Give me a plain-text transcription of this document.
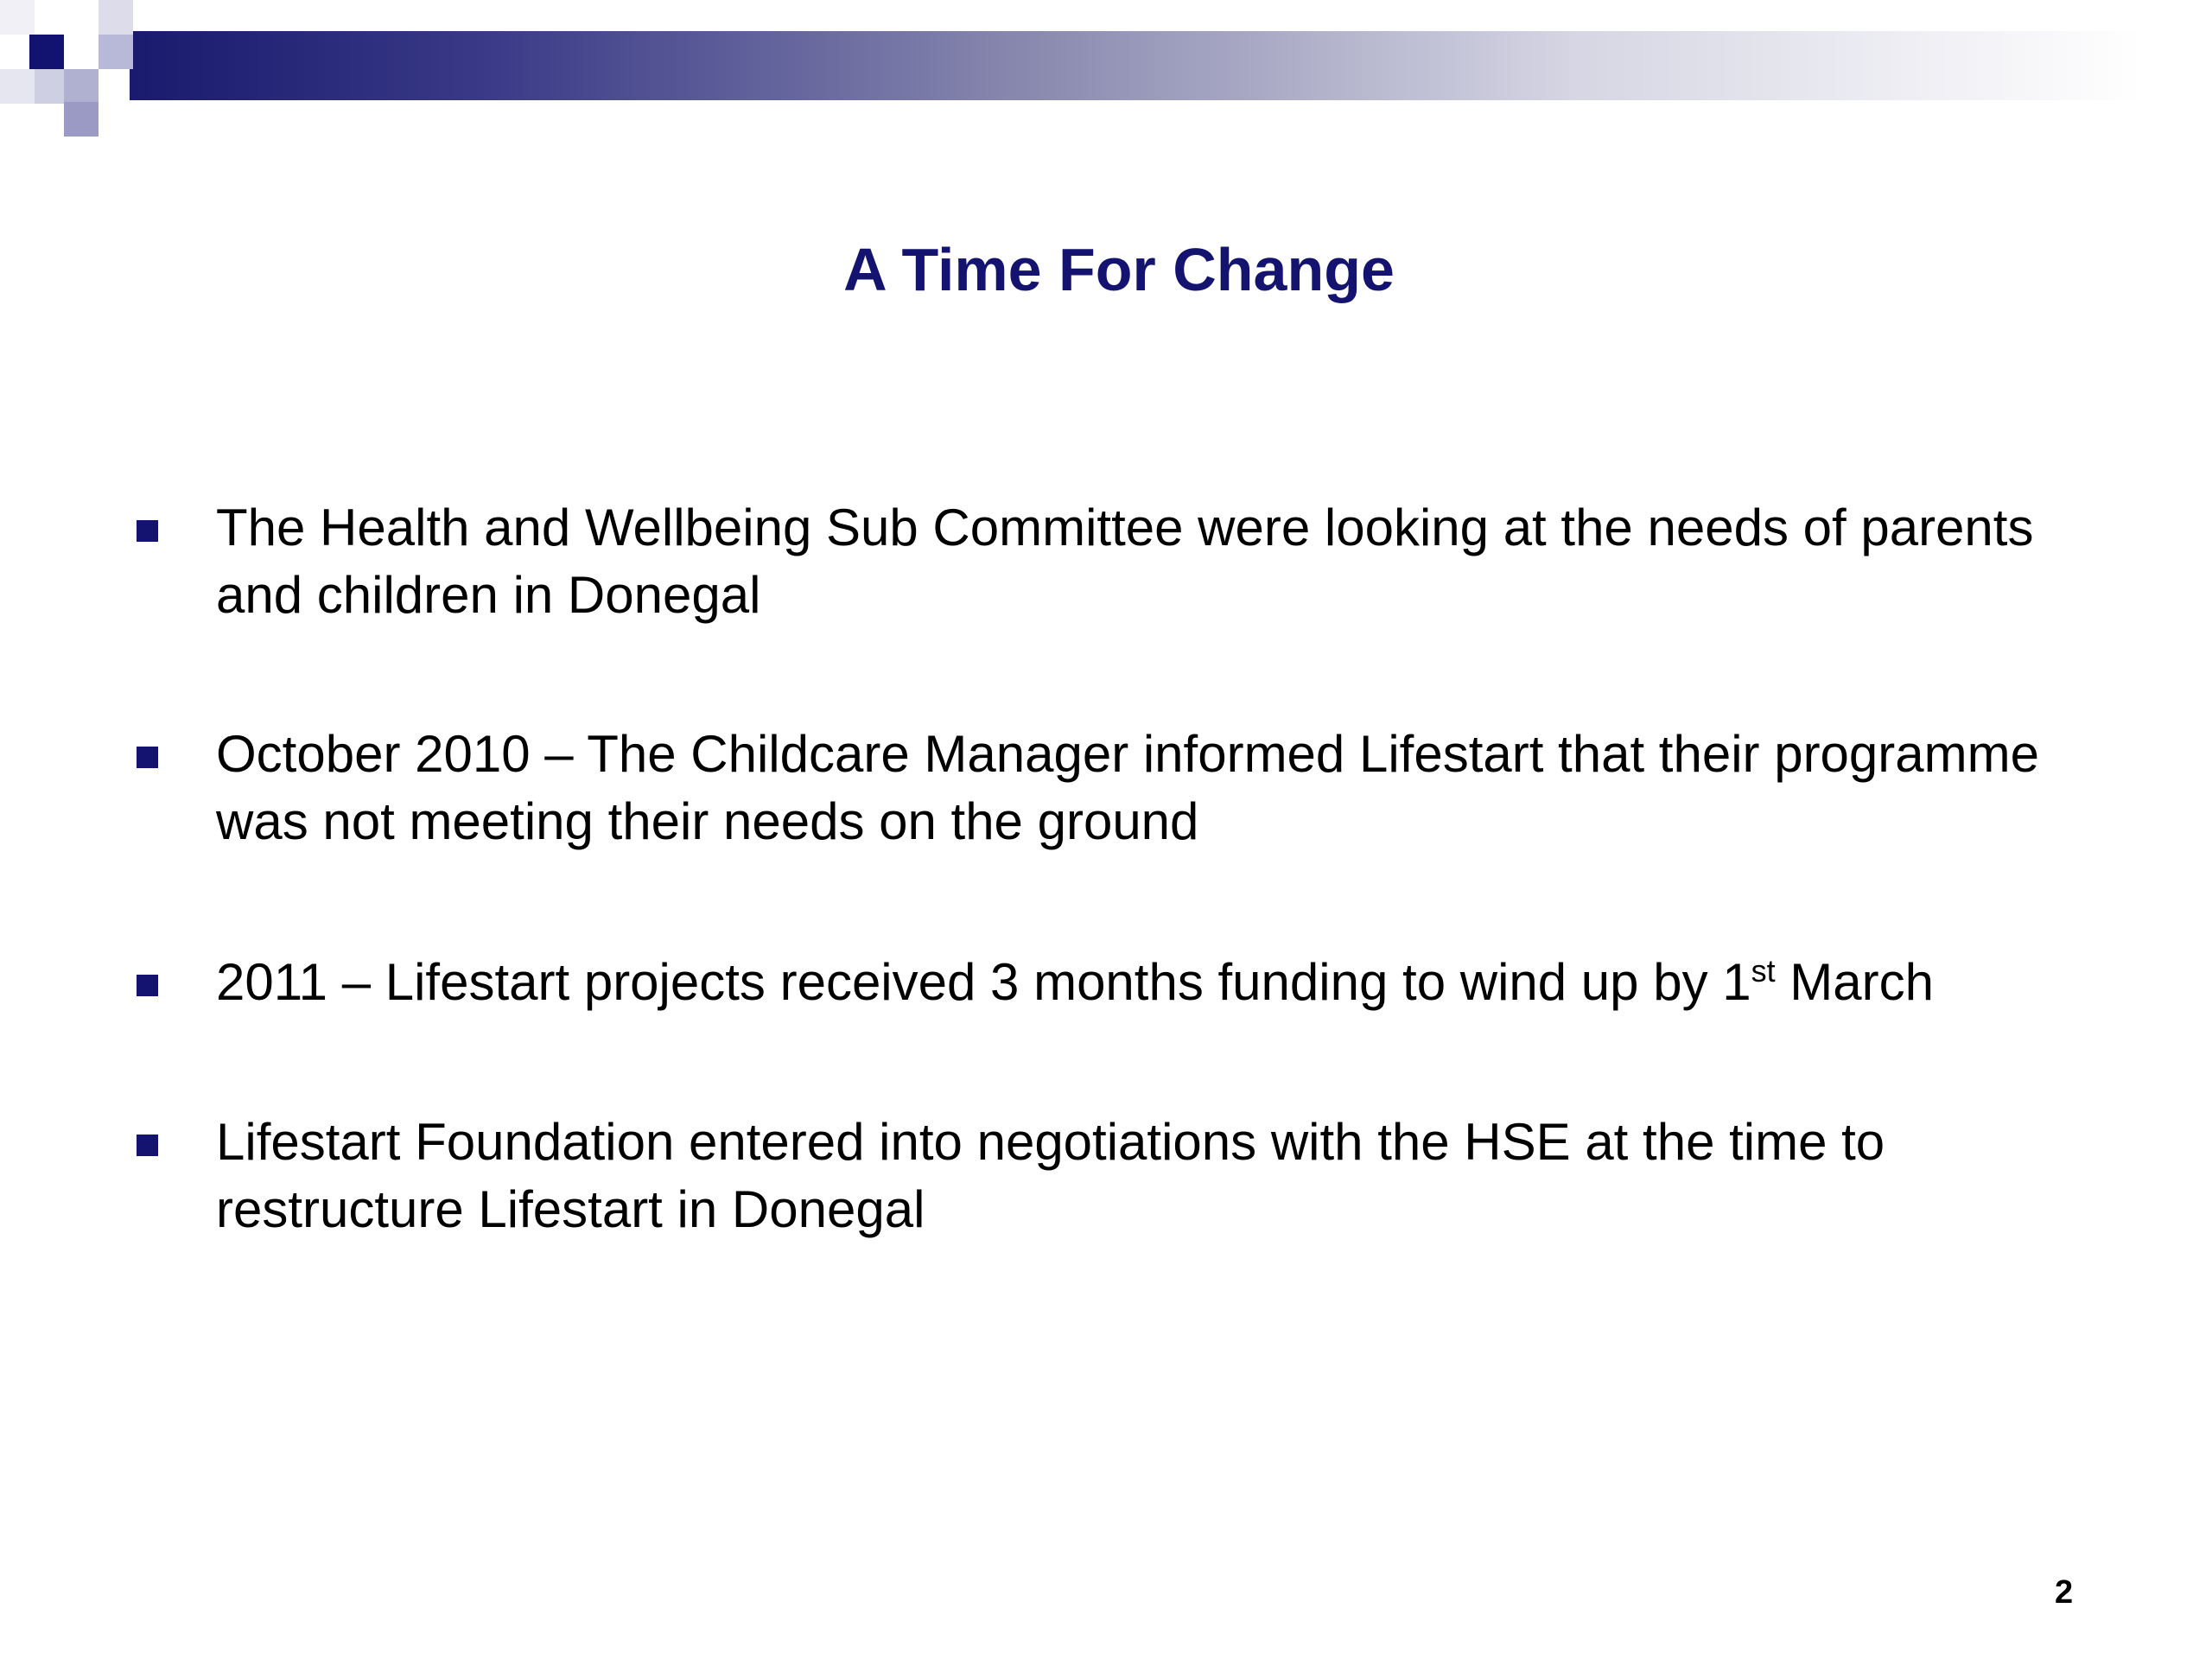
A Time For Change
The Health and Wellbeing Sub Committee were looking at the needs of parents and children in Donegal
October 2010 – The Childcare Manager informed Lifestart that their programme was not meeting their needs on the ground
2011 – Lifestart projects received 3 months funding to wind up by 1st March
Lifestart Foundation entered into negotiations with the HSE at the time to restructure Lifestart in Donegal
2
